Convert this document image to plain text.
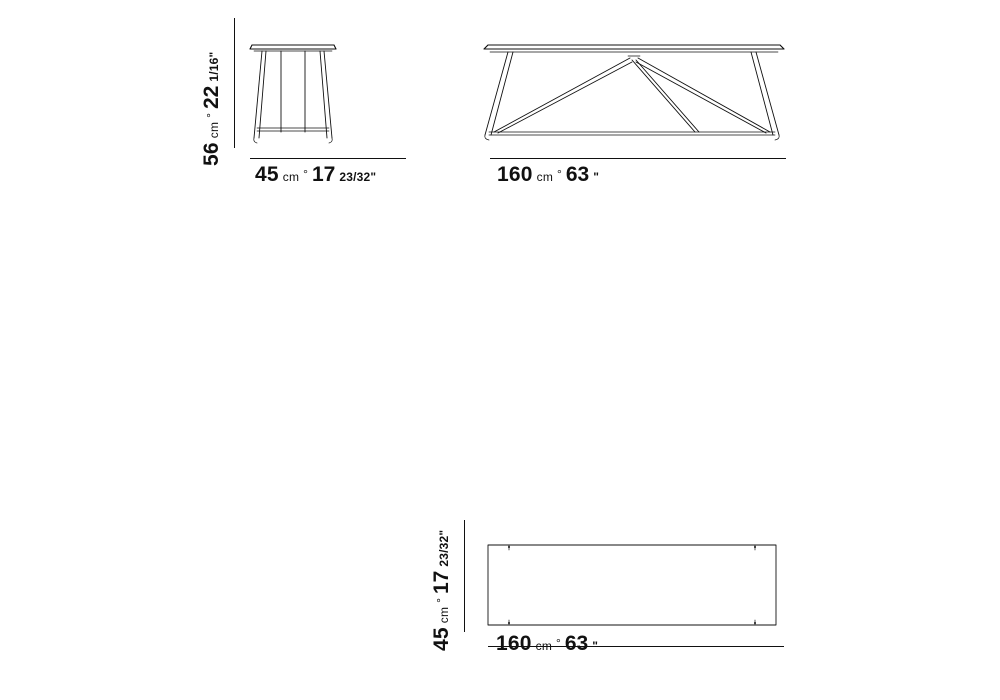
56
cm
°
22
1/16"
45 cm ° 17 23/32"	160 cm ° 63 "
45
cm
°
17
23/32"
160 cm ° 63 "
